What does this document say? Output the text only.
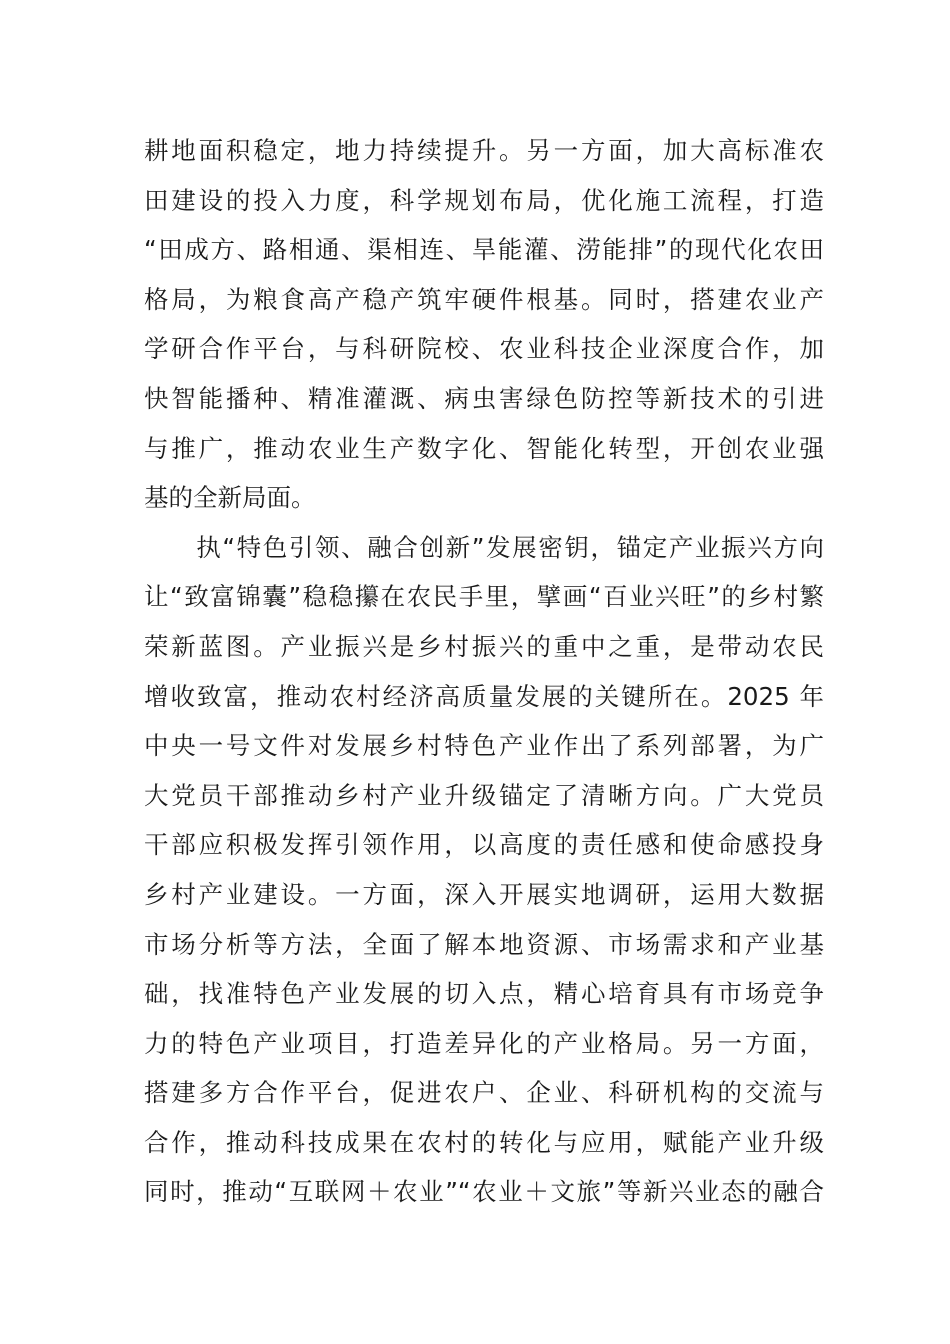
耕地面积稳定，地力持续提升。另一方面，加大高标准农
田建设的投入力度，科学规划布局，优化施工流程，打造
“田成方、路相通、渠相连、旱能灌、涝能排”的现代化农田
格局，为粮食高产稳产筑牢硬件根基。同时，搭建农业产
学研合作平台，与科研院校、农业科技企业深度合作，加
快智能播种、精准灌溉、病虫害绿色防控等新技术的引进
与推广，推动农业生产数字化、智能化转型，开创农业强
基的全新局面。
　　执“特色引领、融合创新”发展密钥，锚定产业振兴方向
让“致富锦囊”稳稳攥在农民手里，擘画“百业兴旺”的乡村繁
荣新蓝图。产业振兴是乡村振兴的重中之重，是带动农民
增收致富，推动农村经济高质量发展的关键所在。2025 年
中央一号文件对发展乡村特色产业作出了系列部署，为广
大党员干部推动乡村产业升级锚定了清晰方向。广大党员
干部应积极发挥引领作用，以高度的责任感和使命感投身
乡村产业建设。一方面，深入开展实地调研，运用大数据
市场分析等方法，全面了解本地资源、市场需求和产业基
础，找准特色产业发展的切入点，精心培育具有市场竞争
力的特色产业项目，打造差异化的产业格局。另一方面，
搭建多方合作平台，促进农户、企业、科研机构的交流与
合作，推动科技成果在农村的转化与应用，赋能产业升级
同时，推动“互联网＋农业”“农业＋文旅”等新兴业态的融合
